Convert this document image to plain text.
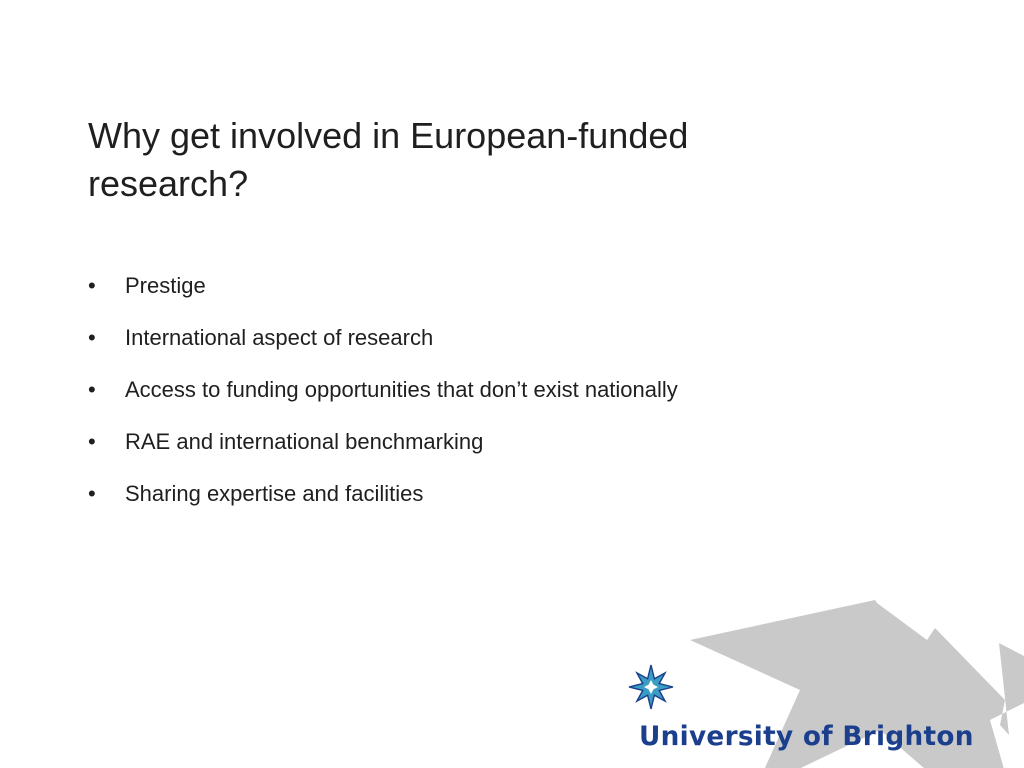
Why get involved in European-funded research?
• Prestige
• International aspect of research
• Access to funding opportunities that don’t exist nationally
• RAE and international benchmarking
• Sharing expertise and facilities
University of Brighton
